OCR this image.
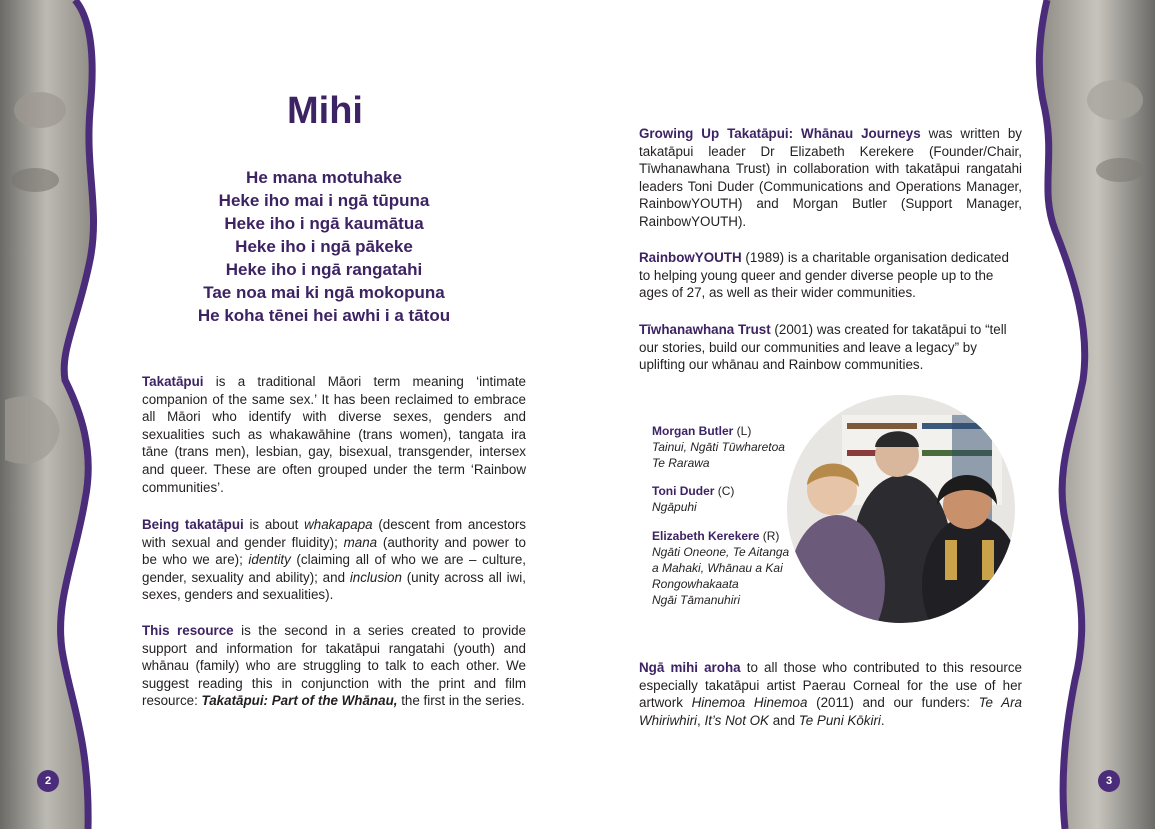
2	3
Mihi
He mana motuhake
Heke iho mai i ngā tūpuna
Heke iho i ngā kaumātua
Heke iho i ngā pākeke
Heke iho i ngā rangatahi
Tae noa mai ki ngā mokopuna
He koha tēnei hei awhi i a tātou
Takatāpui is a traditional Māori term meaning ‘intimate companion of the same sex.’ It has been reclaimed to embrace all Māori who identify with diverse sexes, genders and sexualities such as whakawāhine (trans women), tangata ira tāne (trans men), lesbian, gay, bisexual, transgender, intersex and queer. These are often grouped under the term ‘Rainbow communities’.
Being takatāpui is about whakapapa (descent from ancestors with sexual and gender fluidity); mana (authority and power to be who we are); identity (claiming all of who we are – culture, gender, sexuality and ability); and inclusion (unity across all iwi, sexes, genders and sexualities).
This resource is the second in a series created to provide support and information for takatāpui rangatahi (youth) and whānau (family) who are struggling to talk to each other. We suggest reading this in conjunction with the print and film resource: Takatāpui: Part of the Whānau, the first in the series.
Growing Up Takatāpui: Whānau Journeys was written by takatāpui leader Dr Elizabeth Kerekere (Founder/Chair, Tīwhanawhana Trust) in collaboration with takatāpui rangatahi leaders Toni Duder (Communications and Operations Manager, RainbowYOUTH) and Morgan Butler (Support Manager, RainbowYOUTH).
RainbowYOUTH (1989) is a charitable organisation dedicated to helping young queer and gender diverse people up to the ages of 27, as well as their wider communities.
Tīwhanawhana Trust (2001) was created for takatāpui to “tell our stories, build our communities and leave a legacy” by uplifting our whānau and Rainbow communities.
Morgan Butler (L)
Tainui, Ngāti Tūwharetoa
Te Rarawa
Toni Duder (C)
Ngāpuhi
Elizabeth Kerekere (R)
Ngāti Oneone, Te Aitanga
a Mahaki, Whānau a Kai
Rongowhakaata
Ngāi Tāmanuhiri
Ngā mihi aroha to all those who contributed to this resource especially takatāpui artist Paerau Corneal for the use of her artwork Hinemoa Hinemoa (2011) and our funders: Te Ara Whiriwhiri, It’s Not OK and Te Puni Kōkiri.
